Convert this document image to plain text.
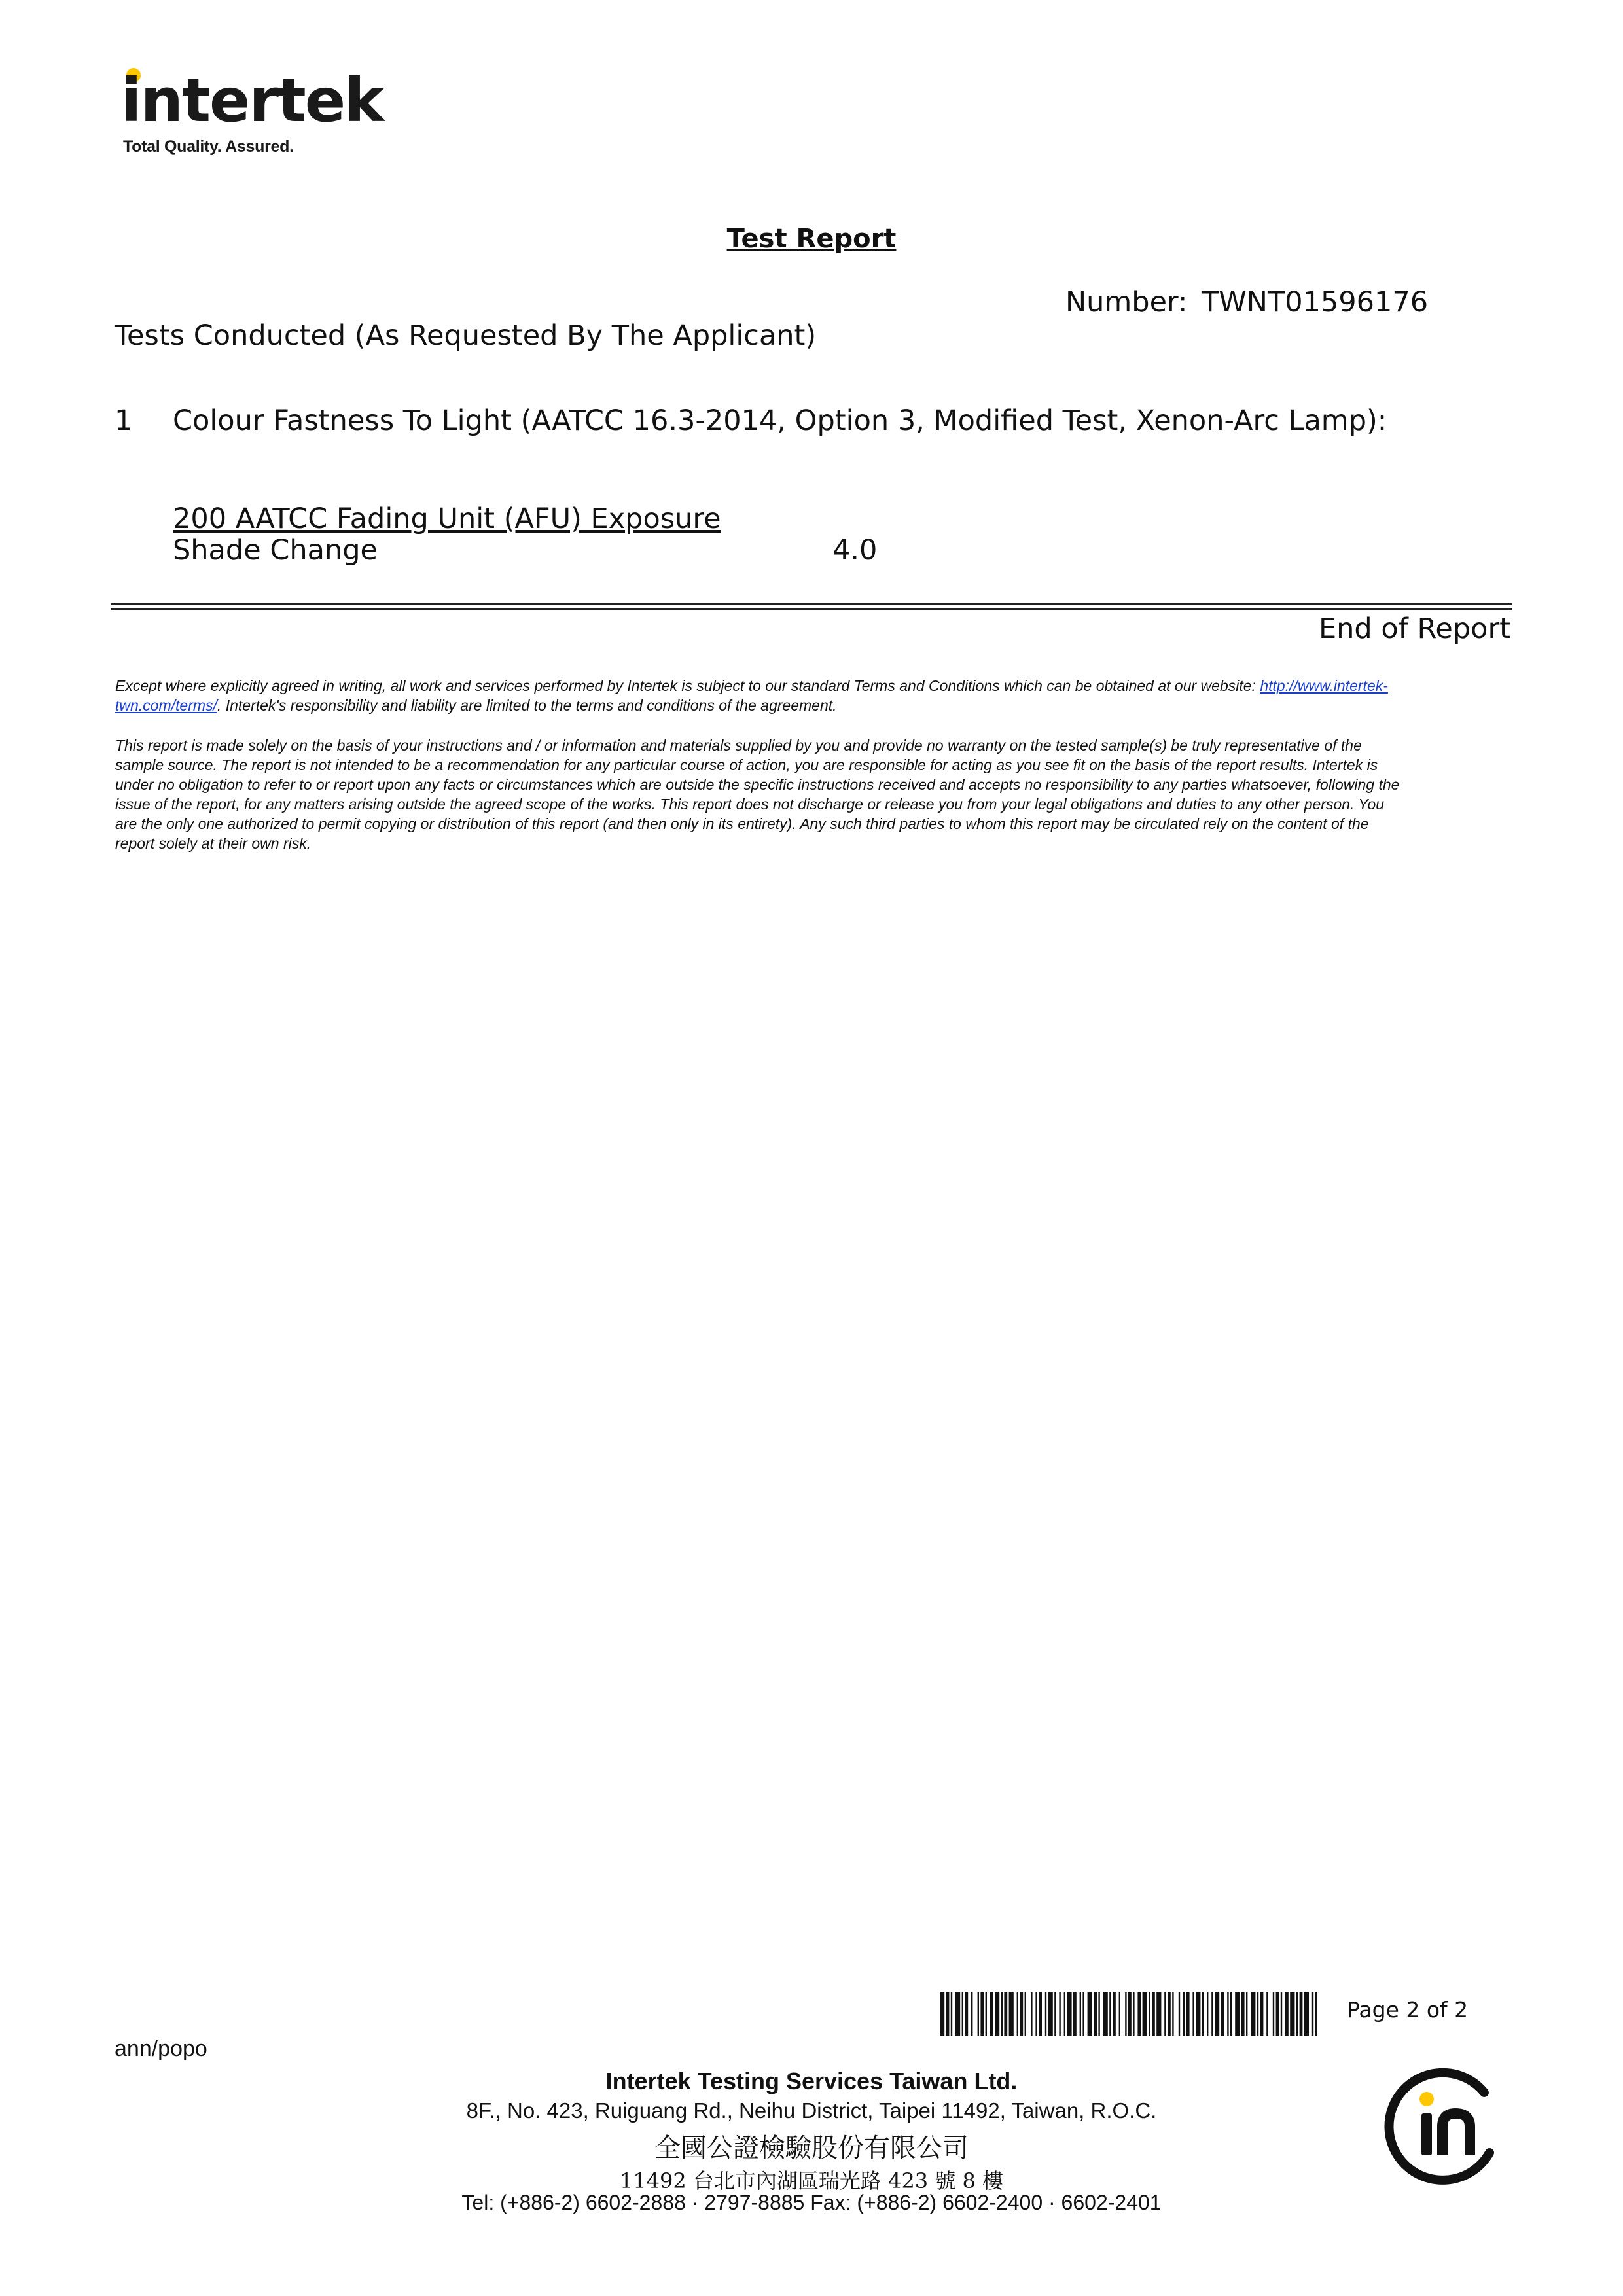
intertek
Total Quality. Assured.
Test Report
Number: TWNT01596176
Tests Conducted (As Requested By The Applicant)
1 Colour Fastness To Light (AATCC 16.3-2014, Option 3, Modified Test, Xenon-Arc Lamp):
200 AATCC Fading Unit (AFU) Exposure
Shade Change	4.0
End of Report
Except where explicitly agreed in writing, all work and services performed by Intertek is subject to our standard Terms and Conditions which can be obtained at our website: http://www.intertek-
twn.com/terms/. Intertek's responsibility and liability are limited to the terms and conditions of the agreement.
This report is made solely on the basis of your instructions and / or information and materials supplied by you and provide no warranty on the tested sample(s) be truly representative of the
sample source. The report is not intended to be a recommendation for any particular course of action, you are responsible for acting as you see fit on the basis of the report results. Intertek is
under no obligation to refer to or report upon any facts or circumstances which are outside the specific instructions received and accepts no responsibility to any parties whatsoever, following the
issue of the report, for any matters arising outside the agreed scope of the works. This report does not discharge or release you from your legal obligations and duties to any other person. You
are the only one authorized to permit copying or distribution of this report (and then only in its entirety). Any such third parties to whom this report may be circulated rely on the content of the
report solely at their own risk.
Page 2 of 2
ann/popo
Intertek Testing Services Taiwan Ltd.
8F., No. 423, Ruiguang Rd., Neihu District, Taipei 11492, Taiwan, R.O.C.
全國公證檢驗股份有限公司
11492 台北市內湖區瑞光路 423 號 8 樓
Tel: (+886-2) 6602-2888 · 2797-8885 Fax: (+886-2) 6602-2400 · 6602-2401
